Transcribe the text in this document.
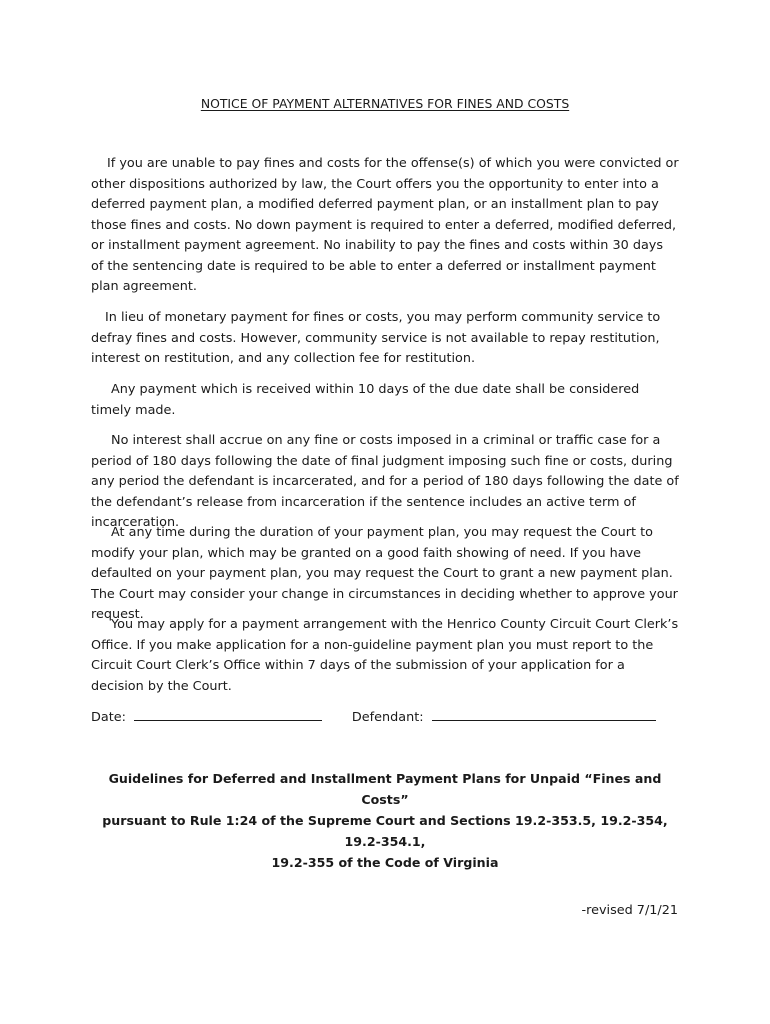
NOTICE OF PAYMENT ALTERNATIVES FOR FINES AND COSTS

If you are unable to pay fines and costs for the offense(s) of which you were convicted or other dispositions authorized by law, the Court offers you the opportunity to enter into a deferred payment plan, a modified deferred payment plan, or an installment plan to pay those fines and costs. No down payment is required to enter a deferred, modified deferred, or installment payment agreement. No inability to pay the fines and costs within 30 days of the sentencing date is required to be able to enter a deferred or installment payment plan agreement.

In lieu of monetary payment for fines or costs, you may perform community service to defray fines and costs. However, community service is not available to repay restitution, interest on restitution, and any collection fee for restitution.

Any payment which is received within 10 days of the due date shall be considered timely made.

No interest shall accrue on any fine or costs imposed in a criminal or traffic case for a period of 180 days following the date of final judgment imposing such fine or costs, during any period the defendant is incarcerated, and for a period of 180 days following the date of the defendant’s release from incarceration if the sentence includes an active term of incarceration.

At any time during the duration of your payment plan, you may request the Court to modify your plan, which may be granted on a good faith showing of need. If you have defaulted on your payment plan, you may request the Court to grant a new payment plan. The Court may consider your change in circumstances in deciding whether to approve your request.

You may apply for a payment arrangement with the Henrico County Circuit Court Clerk’s Office. If you make application for a non-guideline payment plan you must report to the Circuit Court Clerk’s Office within 7 days of the submission of your application for a decision by the Court.

Date:	Defendant:
Guidelines for Deferred and Installment Payment Plans for Unpaid “Fines and Costs”
pursuant to Rule 1:24 of the Supreme Court and Sections 19.2-353.5, 19.2-354, 19.2-354.1,
19.2-355 of the Code of Virginia
-revised 7/1/21
